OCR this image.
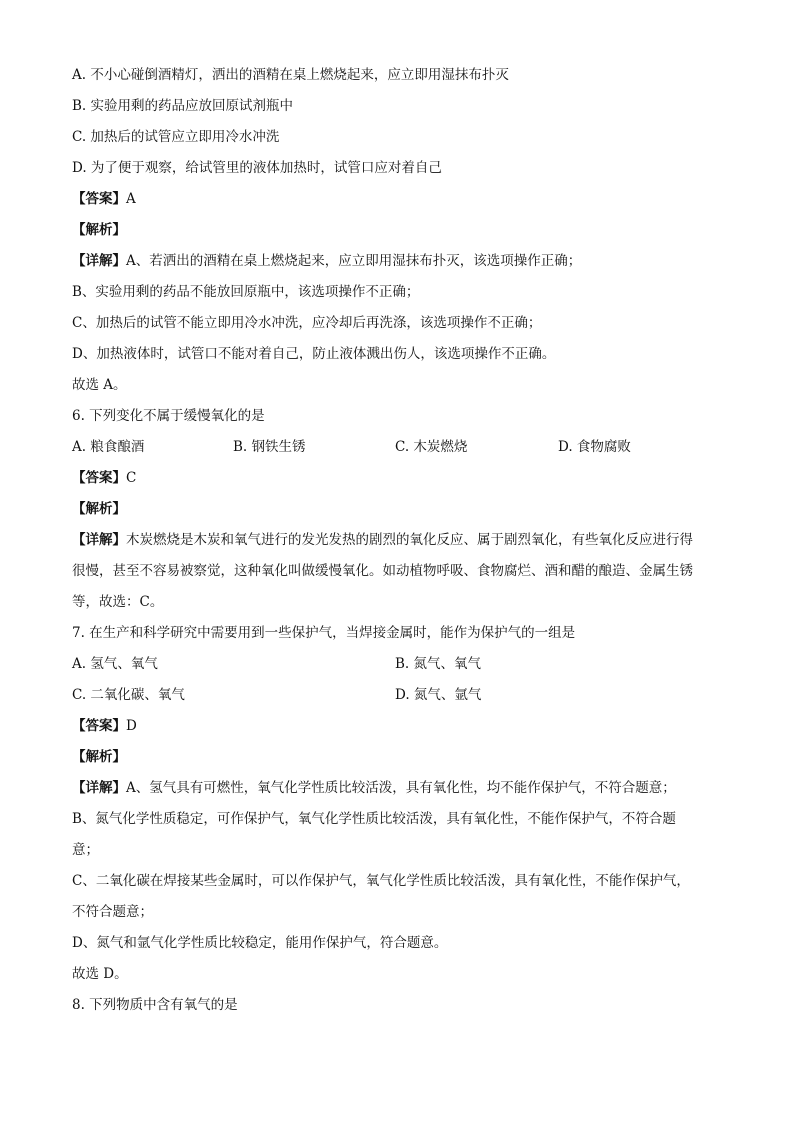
A. 不小心碰倒酒精灯，洒出的酒精在桌上燃烧起来，应立即用湿抹布扑灭
B. 实验用剩的药品应放回原试剂瓶中
C. 加热后的试管应立即用冷水冲洗
D. 为了便于观察，给试管里的液体加热时，试管口应对着自己
【答案】A
【解析】
【详解】A、若洒出的酒精在桌上燃烧起来，应立即用湿抹布扑灭，该选项操作正确；
B、实验用剩的药品不能放回原瓶中，该选项操作不正确；
C、加热后的试管不能立即用冷水冲洗，应冷却后再洗涤，该选项操作不正确；
D、加热液体时，试管口不能对着自己，防止液体溅出伤人，该选项操作不正确。
故选 A。
6. 下列变化不属于缓慢氧化的是
A. 粮食酿酒	B. 钢铁生锈	C. 木炭燃烧	D. 食物腐败
【答案】C
【解析】
【详解】木炭燃烧是木炭和氧气进行的发光发热的剧烈的氧化反应、属于剧烈氧化，有些氧化反应进行得
很慢，甚至不容易被察觉，这种氧化叫做缓慢氧化。如动植物呼吸、食物腐烂、酒和醋的酿造、金属生锈
等，故选：C。
7. 在生产和科学研究中需要用到一些保护气，当焊接金属时，能作为保护气的一组是
A. 氢气、氧气	B. 氮气、氧气
C. 二氧化碳、氧气	D. 氮气、氩气
【答案】D
【解析】
【详解】A、氢气具有可燃性，氧气化学性质比较活泼，具有氧化性，均不能作保护气，不符合题意；
B、氮气化学性质稳定，可作保护气，氧气化学性质比较活泼，具有氧化性，不能作保护气，不符合题
意；
C、二氧化碳在焊接某些金属时，可以作保护气，氧气化学性质比较活泼，具有氧化性，不能作保护气，
不符合题意；
D、氮气和氩气化学性质比较稳定，能用作保护气，符合题意。
故选 D。
8. 下列物质中含有氧气的是
